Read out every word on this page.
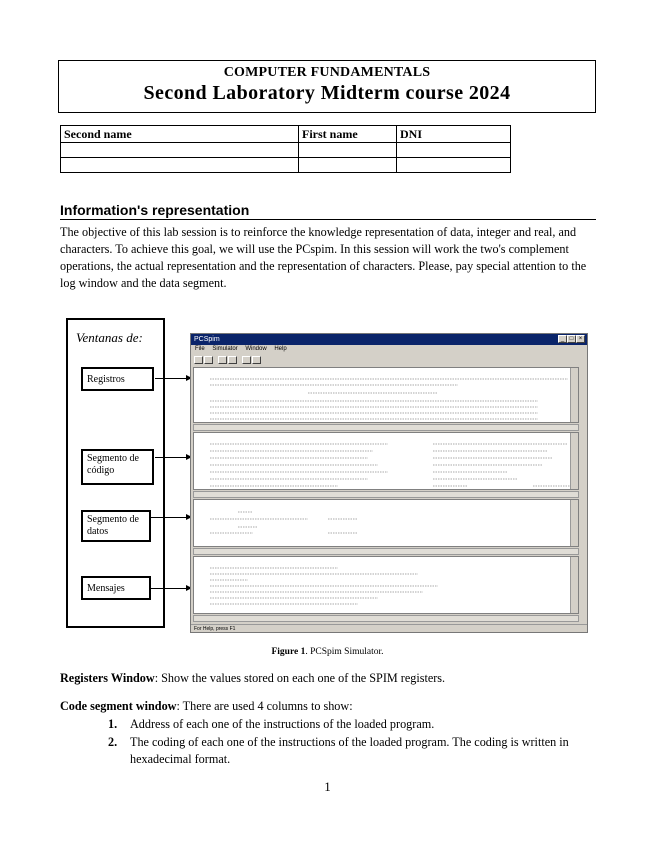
COMPUTER FUNDAMENTALS
Second Laboratory Midterm course 2024
Second name	First name	DNI

Information's representation
The objective of this lab session is to reinforce the knowledge representation of data, integer and real, and characters. To achieve this goal, we will use the PCspim. In this session will work the two's complement operations, the actual representation and the representation of characters. Please, pay special attention to the log window and the data segment.
Ventanas de:
Registros
Segmento de código
Segmento de datos
Mensajes
PCSpim	_ □ ×
File Simulator Window Help

For Help, press F1
Figure 1. PCSpim Simulator.
Registers Window: Show the values stored on each one of the SPIM registers.
Code segment window: There are used 4 columns to show:
1.	Address of each one of the instructions of the loaded program.
2.	The coding of each one of the instructions of the loaded program. The coding is written in hexadecimal format.
1
